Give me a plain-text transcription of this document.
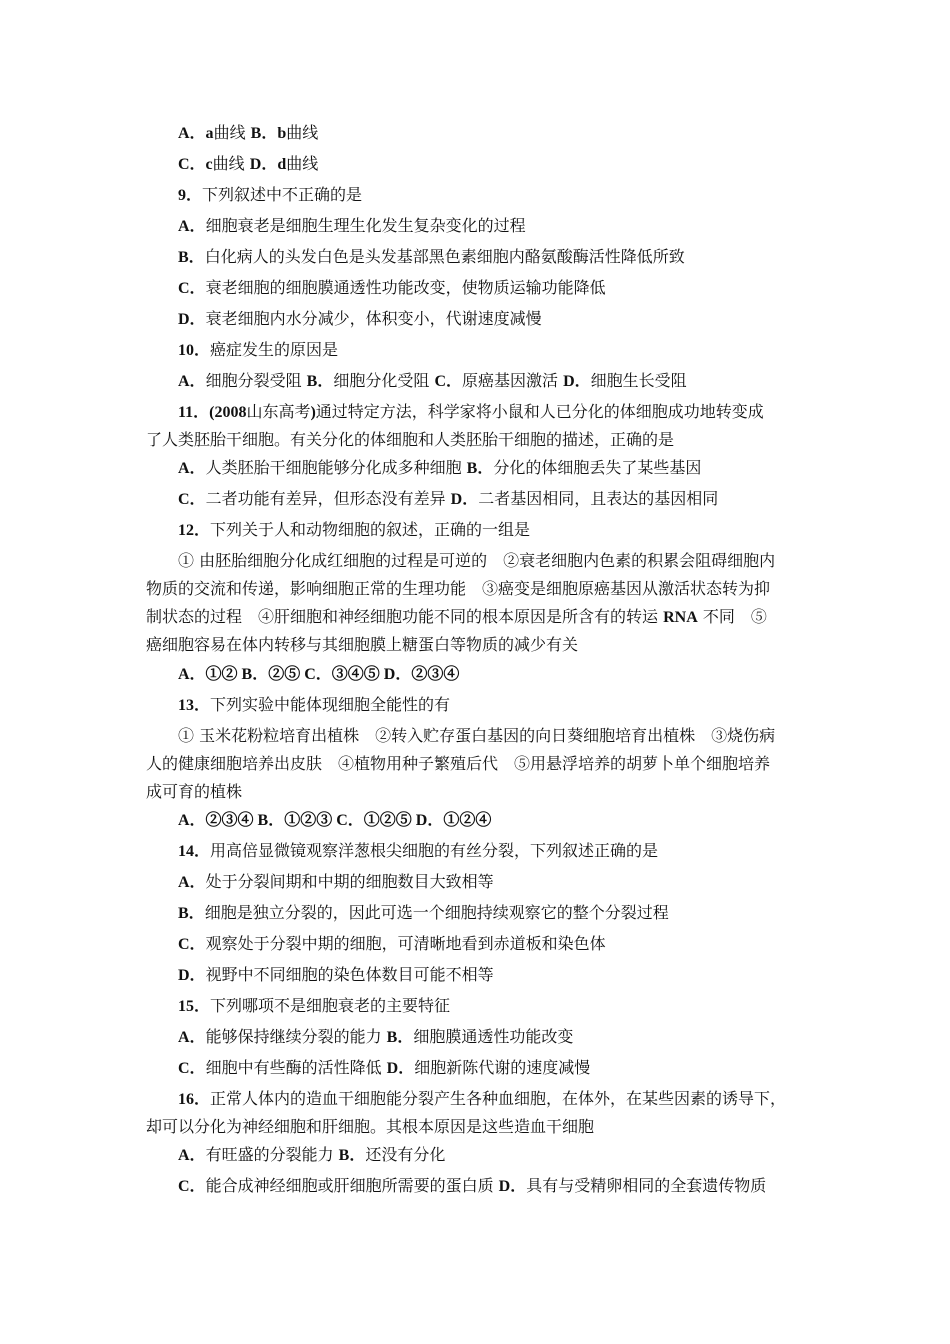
A．a曲线 B．b曲线
C．c曲线 D．d曲线
9．下列叙述中不正确的是
A．细胞衰老是细胞生理生化发生复杂变化的过程
B．白化病人的头发白色是头发基部黑色素细胞内酪氨酸酶活性降低所致
C．衰老细胞的细胞膜通透性功能改变，使物质运输功能降低
D．衰老细胞内水分减少，体积变小，代谢速度减慢
10．癌症发生的原因是
A．细胞分裂受阻 B．细胞分化受阻 C．原癌基因激活 D．细胞生长受阻
11．(2008山东高考)通过特定方法，科学家将小鼠和人已分化的体细胞成功地转变成
了人类胚胎干细胞。有关分化的体细胞和人类胚胎干细胞的描述，正确的是
A．人类胚胎干细胞能够分化成多种细胞 B．分化的体细胞丢失了某些基因
C．二者功能有差异，但形态没有差异 D．二者基因相同，且表达的基因相同
12．下列关于人和动物细胞的叙述，正确的一组是
① 由胚胎细胞分化成红细胞的过程是可逆的　②衰老细胞内色素的积累会阻碍细胞内
物质的交流和传递，影响细胞正常的生理功能　③癌变是细胞原癌基因从激活状态转为抑
制状态的过程　④肝细胞和神经细胞功能不同的根本原因是所含有的转运 RNA 不同　⑤
癌细胞容易在体内转移与其细胞膜上糖蛋白等物质的减少有关
A．①② B．②⑤ C．③④⑤ D．②③④
13．下列实验中能体现细胞全能性的有
① 玉米花粉粒培育出植株　②转入贮存蛋白基因的向日葵细胞培育出植株　③烧伤病
人的健康细胞培养出皮肤　④植物用种子繁殖后代　⑤用悬浮培养的胡萝卜单个细胞培养
成可育的植株
A．②③④ B．①②③ C．①②⑤ D．①②④
14．用高倍显微镜观察洋葱根尖细胞的有丝分裂，下列叙述正确的是
A．处于分裂间期和中期的细胞数目大致相等
B．细胞是独立分裂的，因此可选一个细胞持续观察它的整个分裂过程
C．观察处于分裂中期的细胞，可清晰地看到赤道板和染色体
D．视野中不同细胞的染色体数目可能不相等
15．下列哪项不是细胞衰老的主要特征
A．能够保持继续分裂的能力 B．细胞膜通透性功能改变
C．细胞中有些酶的活性降低 D．细胞新陈代谢的速度减慢
16．正常人体内的造血干细胞能分裂产生各种血细胞，在体外，在某些因素的诱导下，
却可以分化为神经细胞和肝细胞。其根本原因是这些造血干细胞
A．有旺盛的分裂能力 B．还没有分化
C．能合成神经细胞或肝细胞所需要的蛋白质 D．具有与受精卵相同的全套遗传物质
